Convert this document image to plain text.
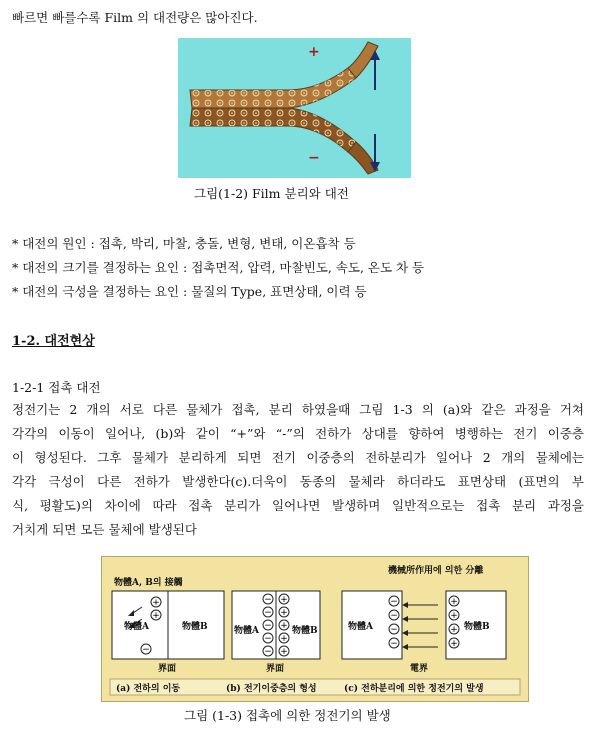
빠르면 빠를수록 Film 의 대전량은 많아진다.
+
−
그림(1-2) Film 분리와 대전
* 대전의 원인 : 접촉, 박리, 마찰, 충돌, 변형, 변태, 이온흡착 등
* 대전의 크기를 결정하는 요인 : 접촉면적, 압력, 마찰빈도, 속도, 온도 차 등
* 대전의 극성을 결정하는 요인 : 물질의 Type, 표면상태, 이력 등
1-2. 대전현상
1-2-1 접촉 대전
정전기는 2 개의 서로 다른 물체가 접촉, 분리 하였을때 그림 1-3 의 (a)와 같은 과정을 거쳐
각각의 이동이 일어나, (b)와 같이 “+”와 “-”의 전하가 상대를 향하여 병행하는 전기 이중층
이 형성된다. 그후 물체가 분리하게 되면 전기 이중층의 전하분리가 일어나 2 개의 물체에는
각각 극성이 다른 전하가 발생한다(c).더욱이 동종의 물체라 하더라도 표면상태 (표면의 부
식, 평활도)의 차이에 따라 접촉 분리가 일어나면 발생하며 일반적으로는 접촉 분리 과정을
거치게 되면 모든 물체에 발생된다
+
+
−
−
−
−
−
−
+
+
+
+
+
−
−
−
−
+
+
+
+
物體A, B의 接觸
機械所作用에 의한 分離
物體A	物體B	物體A	物體B	物體A	物體B
界面	界面	電界
(a) 전하의 이동	(b) 전기이중층의 형성	(c) 전하분리에 의한 정전기의 발생
그림 (1-3) 접촉에 의한 정전기의 발생
